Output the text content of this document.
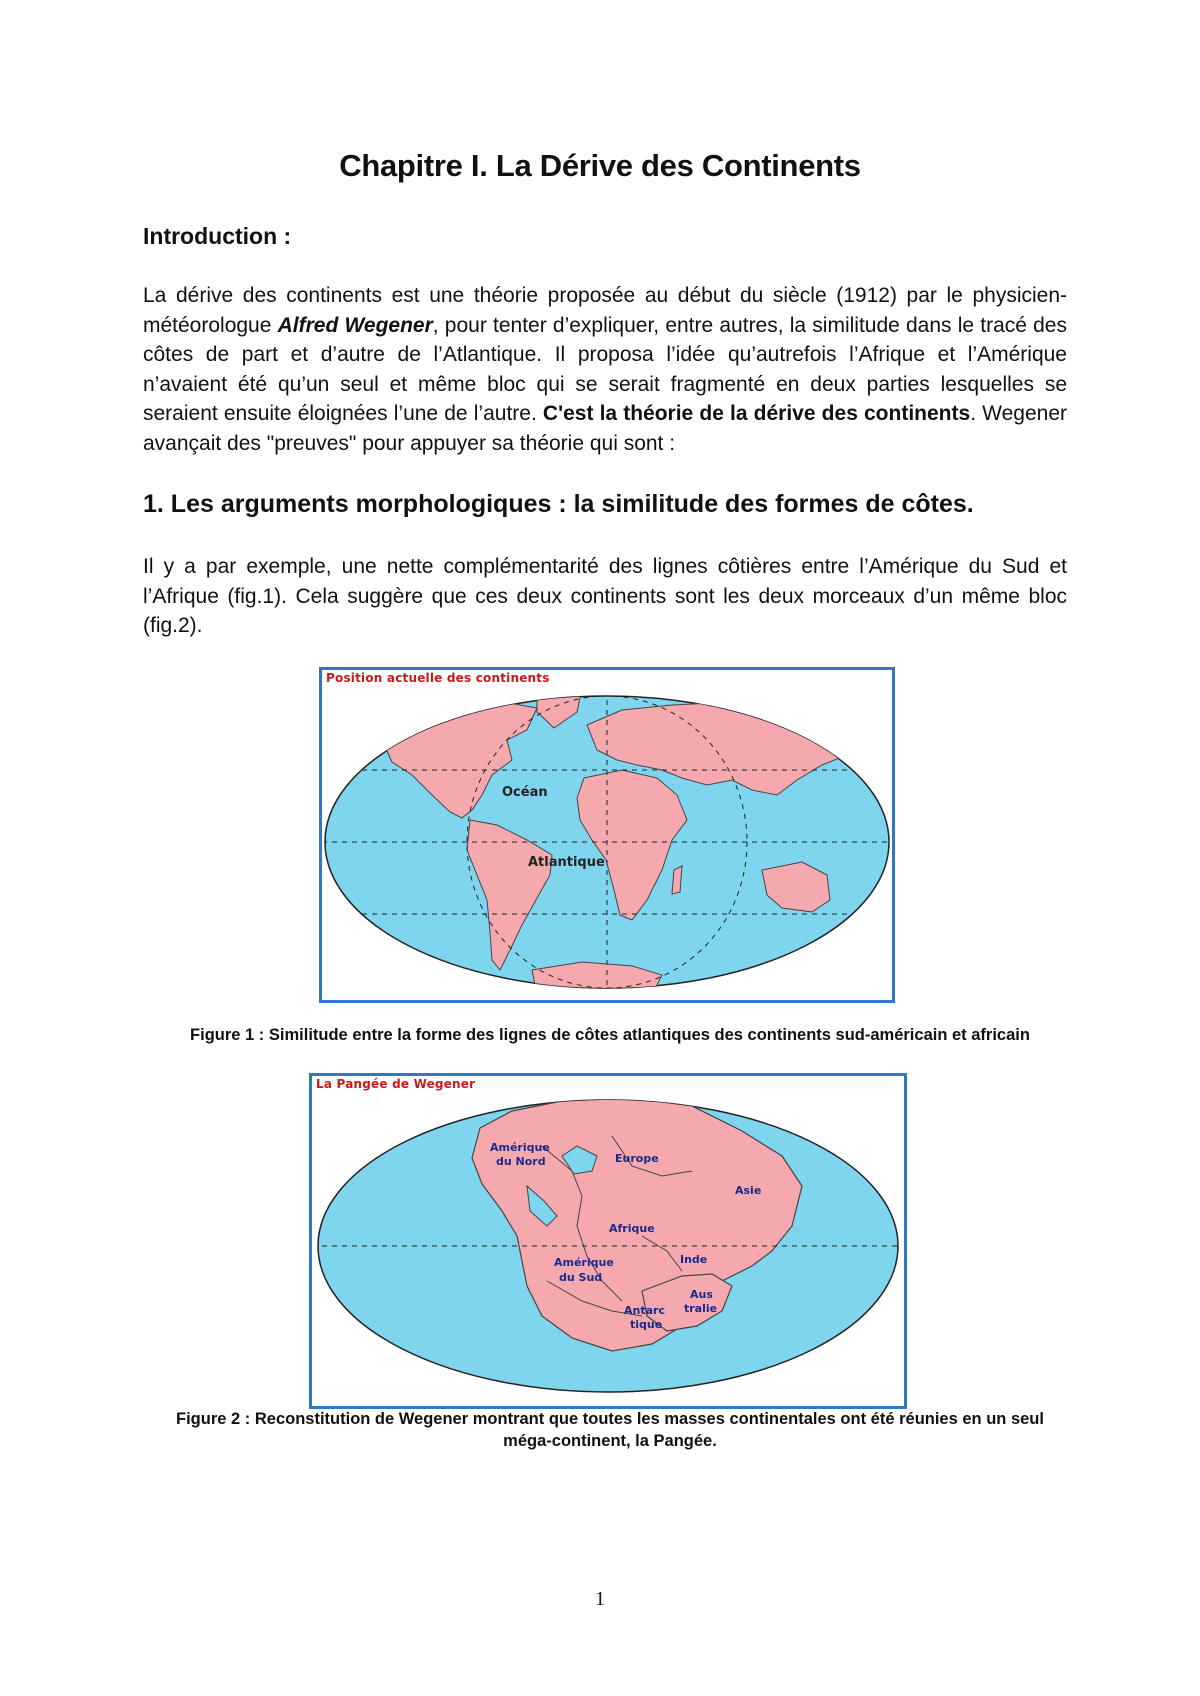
Chapitre I. La Dérive des Continents
Introduction :
La dérive des continents est une théorie proposée au début du siècle (1912) par le physicien-météorologue Alfred Wegener, pour tenter d’expliquer, entre autres, la similitude dans le tracé des côtes de part et d’autre de l’Atlantique. Il proposa l’idée qu’autrefois l’Afrique et l’Amérique n’avaient été qu’un seul et même bloc qui se serait fragmenté en deux parties lesquelles se seraient ensuite éloignées l’une de l’autre. C'est la théorie de la dérive des continents. Wegener avançait des "preuves" pour appuyer sa théorie qui sont :
1. Les arguments morphologiques : la similitude des formes de côtes.
Il y a par exemple, une nette complémentarité des lignes côtières entre l’Amérique du Sud et l’Afrique (fig.1). Cela suggère que ces deux continents sont les deux morceaux d’un même bloc (fig.2).
Océan
Atlantique
Position actuelle des continents
Figure 1 : Similitude entre la forme des lignes de côtes atlantiques des continents sud-américain et africain
Amérique
du Nord	Europe
Asie
Afrique
Amérique
du Sud
Inde
Antarc
tique
Aus
tralie
La Pangée de Wegener
Figure 2 : Reconstitution de Wegener montrant que toutes les masses continentales ont été réunies en un seul méga-continent, la Pangée.
1
